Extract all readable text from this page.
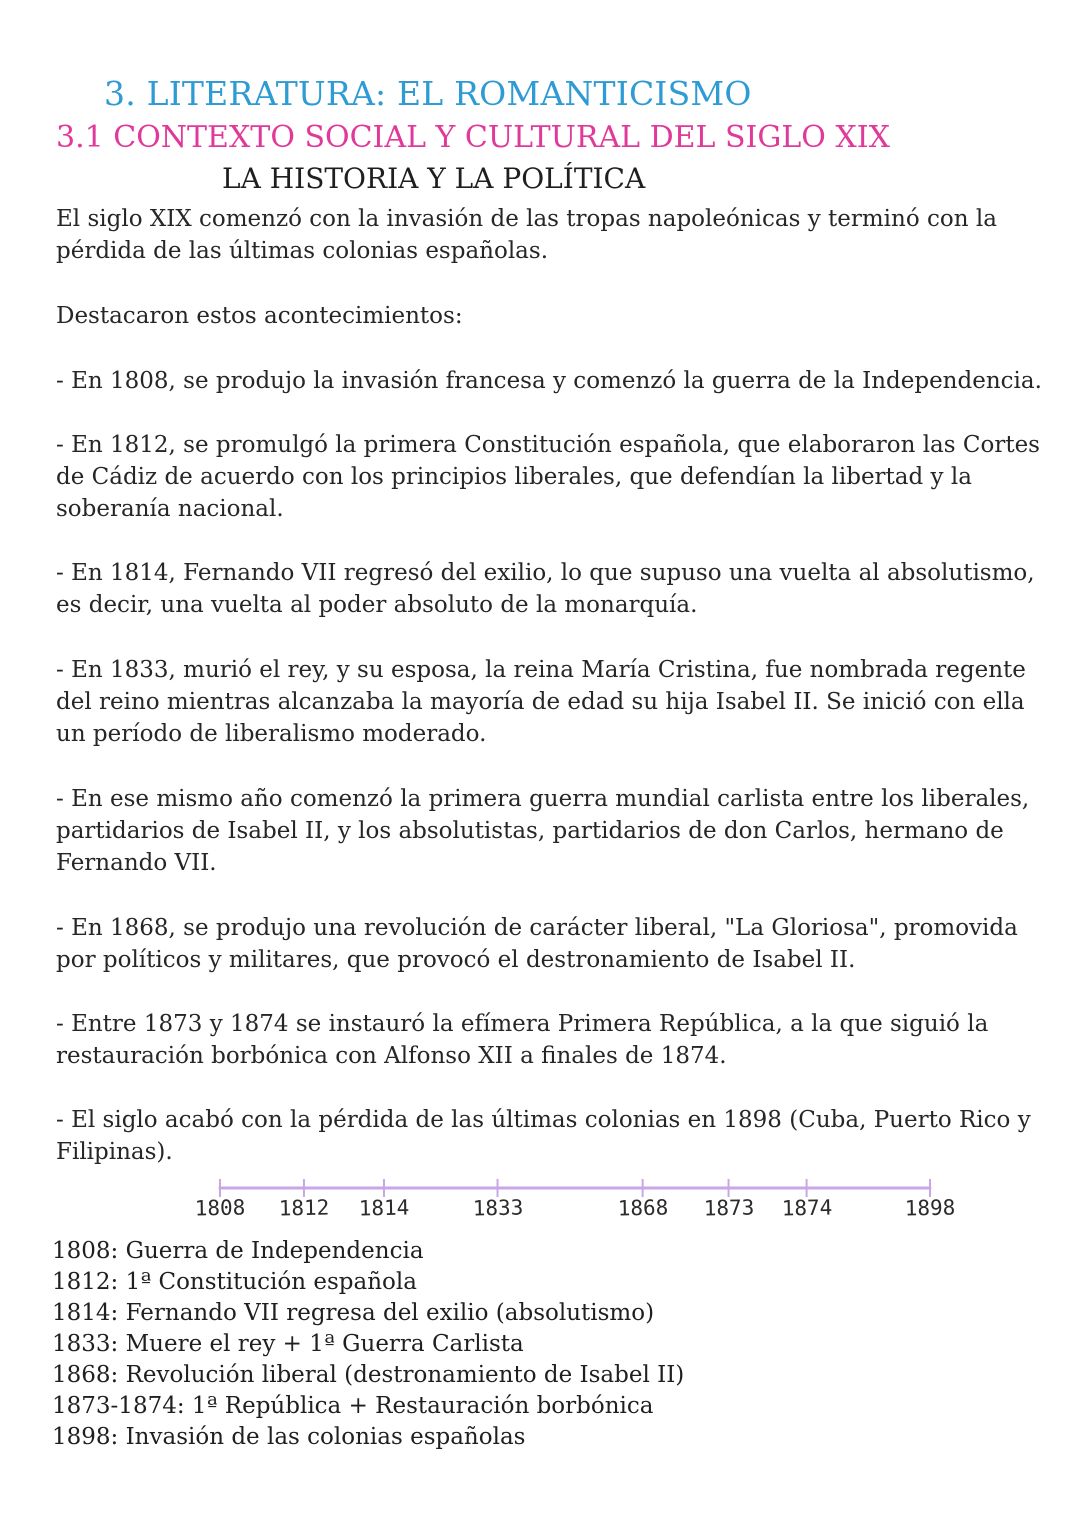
3. LITERATURA: EL ROMANTICISMO
3.1 CONTEXTO SOCIAL Y CULTURAL DEL SIGLO XIX
LA HISTORIA Y LA POLÍTICA
El siglo XIX comenzó con la invasión de las tropas napoleónicas y terminó con la pérdida de las últimas colonias españolas.
Destacaron estos acontecimientos:
- En 1808, se produjo la invasión francesa y comenzó la guerra de la Independencia.
- En 1812, se promulgó la primera Constitución española, que elaboraron las Cortes de Cádiz de acuerdo con los principios liberales, que defendían la libertad y la soberanía nacional.
- En 1814, Fernando VII regresó del exilio, lo que supuso una vuelta al absolutismo, es decir, una vuelta al poder absoluto de la monarquía.
- En 1833, murió el rey, y su esposa, la reina María Cristina, fue nombrada regente del reino mientras alcanzaba la mayoría de edad su hija Isabel II. Se inició con ella un período de liberalismo moderado.
- En ese mismo año comenzó la primera guerra mundial carlista entre los liberales, partidarios de Isabel II, y los absolutistas, partidarios de don Carlos, hermano de Fernando VII.
- En 1868, se produjo una revolución de carácter liberal, "La Gloriosa", promovida por políticos y militares, que provocó el destronamiento de Isabel II.
- Entre 1873 y 1874 se instauró la efímera Primera República, a la que siguió la restauración borbónica con Alfonso XII a finales de 1874.
- El siglo acabó con la pérdida de las últimas colonias en 1898 (Cuba, Puerto Rico y Filipinas).
1808 1812 1814	1833	1868 1873 1874	1898
1808: Guerra de Independencia
1812: 1ª Constitución española
1814: Fernando VII regresa del exilio (absolutismo)
1833: Muere el rey + 1ª Guerra Carlista
1868: Revolución liberal (destronamiento de Isabel II)
1873-1874: 1ª República + Restauración borbónica
1898: Invasión de las colonias españolas
